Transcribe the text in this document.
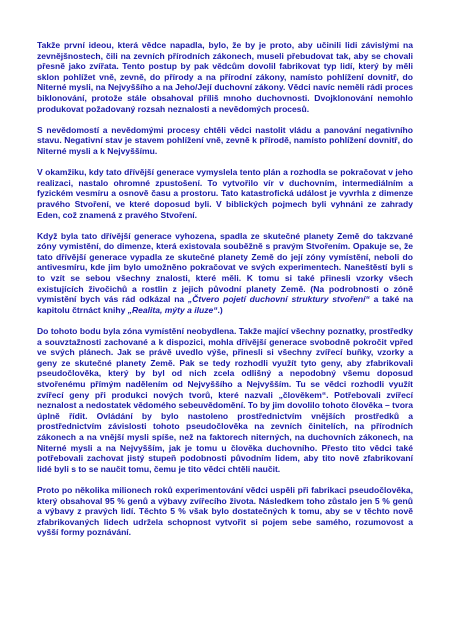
Takže první ideou, která vědce napadla, bylo, že by je proto, aby učinili lidi závislými na zevnějšnostech, čili na zevních přírodních zákonech, museli přebudovat tak, aby se chovali přesně jako zvířata. Tento postup by pak vědcům dovolil fabrikovat typ lidí, který by měli sklon pohlížet vně, zevně, do přírody a na přírodní zákony, namísto pohlížení dovnitř, do Niterné mysli, na Nejvyššího a na Jeho/Její duchovní zákony. Vědci navíc neměli rádi proces biklonování, protože stále obsahoval příliš mnoho duchovnosti. Dvojklonování nemohlo produkovat požadovaný rozsah neznalosti a nevědomých procesů.

S nevědomostí a nevědomými procesy chtěli vědci nastolit vládu a panování negativního stavu. Negativní stav je stavem pohlížení vně, zevně k přírodě, namísto pohlížení dovnitř, do Niterné mysli a k Nejvyššímu.

V okamžiku, kdy tato dřívější generace vymyslela tento plán a rozhodla se pokračovat v jeho realizaci, nastalo ohromné zpustošení. To vytvořilo vír v duchovním, intermediálním a fyzickém vesmíru a osnově času a prostoru. Tato katastrofická událost je vyvrhla z dimenze pravého Stvoření, ve které doposud byli. V biblických pojmech byli vyhnáni ze zahrady Eden, což znamená z pravého Stvoření.

Když byla tato dřívější generace vyhozena, spadla ze skutečné planety Země do takzvané zóny vymistění, do dimenze, která existovala souběžně s pravým Stvořením. Opakuje se, že tato dřívější generace vypadla ze skutečné planety Země do její zóny vymístění, neboli do antivesmíru, kde jim bylo umožněno pokračovat ve svých experimentech. Naneštěstí byli s to vzít se sebou všechny znalosti, které měli. K tomu si také přinesli vzorky všech existujících živočichů a rostlin z jejich původní planety Země. (Na podrobnosti o zóně vymistění bych vás rád odkázal na „Čtvero pojetí duchovní struktury stvoření“ a také na kapitolu čtrnáct knihy „Realita, mýty a iluze“.)

Do tohoto bodu byla zóna vymístění neobydlena. Takže mající všechny poznatky, prostředky a souvztažnosti zachované a k dispozici, mohla dřívější generace svobodně pokročit vpřed ve svých plánech. Jak se právě uvedlo výše, přinesli si všechny zvířecí buňky, vzorky a geny ze skutečné planety Země. Pak se tedy rozhodli využít tyto geny, aby zfabrikovali pseudočlověka, který by byl od nich zcela odlišný a nepodobný všemu doposud stvořenému přímým nadělením od Nejvyššího a Nejvyšším. Tu se vědci rozhodli využít zvířecí geny při produkci nových tvorů, které nazvali „člověkem“. Potřebovali zvířecí neznalost a nedostatek vědomého sebeuvědomění. To by jim dovolilo tohoto člověka – tvora úplně řídit. Ovládání by bylo nastoleno prostřednictvím vnějších prostředků a prostřednictvím závislosti tohoto pseudočlověka na zevních činitelích, na přírodních zákonech a na vnější mysli spíše, než na faktorech niterných, na duchovních zákonech, na Niterné mysli a na Nejvyšším, jak je tomu u člověka duchovního. Přesto tito vědci také potřebovali zachovat jistý stupeň podobnosti původním lidem, aby tito nově zfabrikovaní lidé byli s to se naučit tomu, čemu je tito vědci chtěli naučit.

Proto po několika milionech roků experimentování vědci uspěli při fabrikaci pseudočlověka, který obsahoval 95 % genů a výbavy zvířecího života. Následkem toho zůstalo jen 5 % genů a výbavy z pravých lidí. Těchto 5 % však bylo dostatečných k tomu, aby se v těchto nově zfabrikovaných lidech udržela schopnost vytvořit si pojem sebe samého, rozumovost a vyšší formy poznávání.
